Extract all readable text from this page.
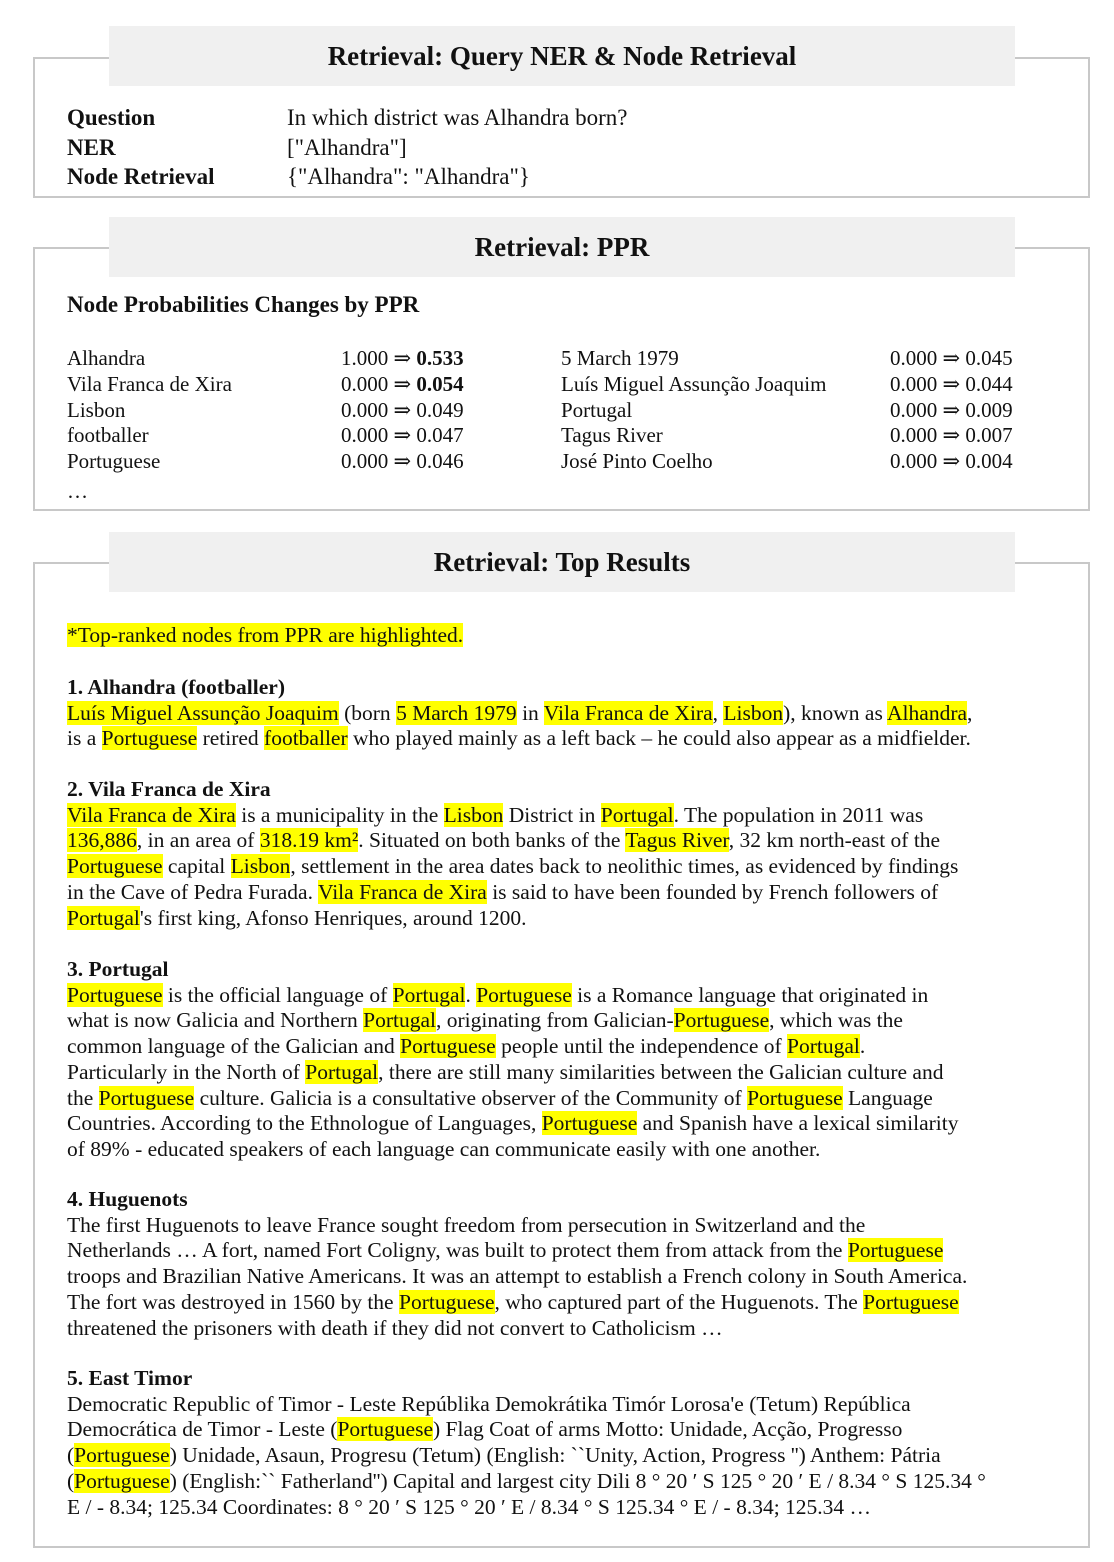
Retrieval: Query NER & Node Retrieval
Question	In which district was Alhandra born?
NER	["Alhandra"]
Node Retrieval	{"Alhandra": "Alhandra"}
Retrieval: PPR
Node Probabilities Changes by PPR
Alhandra	1.000 ⇒ 0.533
Vila Franca de Xira	0.000 ⇒ 0.054
Lisbon	0.000 ⇒ 0.049
footballer	0.000 ⇒ 0.047
Portuguese	0.000 ⇒ 0.046
5 March 1979	0.000 ⇒ 0.045
Luís Miguel Assunção Joaquim	0.000 ⇒ 0.044
Portugal	0.000 ⇒ 0.009
Tagus River	0.000 ⇒ 0.007
José Pinto Coelho	0.000 ⇒ 0.004
…
Retrieval: Top Results
*Top-ranked nodes from PPR are highlighted.
1. Alhandra (footballer)
Luís Miguel Assunção Joaquim (born 5 March 1979 in Vila Franca de Xira, Lisbon), known as Alhandra,
is a Portuguese retired footballer who played mainly as a left back – he could also appear as a midfielder.
2. Vila Franca de Xira
Vila Franca de Xira is a municipality in the Lisbon District in Portugal. The population in 2011 was
136,886, in an area of 318.19 km². Situated on both banks of the Tagus River, 32 km north-east of the
Portuguese capital Lisbon, settlement in the area dates back to neolithic times, as evidenced by findings
in the Cave of Pedra Furada. Vila Franca de Xira is said to have been founded by French followers of
Portugal's first king, Afonso Henriques, around 1200.
3. Portugal
Portuguese is the official language of Portugal. Portuguese is a Romance language that originated in
what is now Galicia and Northern Portugal, originating from Galician-Portuguese, which was the
common language of the Galician and Portuguese people until the independence of Portugal.
Particularly in the North of Portugal, there are still many similarities between the Galician culture and
the Portuguese culture. Galicia is a consultative observer of the Community of Portuguese Language
Countries. According to the Ethnologue of Languages, Portuguese and Spanish have a lexical similarity
of 89% - educated speakers of each language can communicate easily with one another.
4. Huguenots
The first Huguenots to leave France sought freedom from persecution in Switzerland and the
Netherlands … A fort, named Fort Coligny, was built to protect them from attack from the Portuguese
troops and Brazilian Native Americans. It was an attempt to establish a French colony in South America.
The fort was destroyed in 1560 by the Portuguese, who captured part of the Huguenots. The Portuguese
threatened the prisoners with death if they did not convert to Catholicism …
5. East Timor
Democratic Republic of Timor - Leste Repúblika Demokrátika Timór Lorosa'e (Tetum) República
Democrática de Timor - Leste (Portuguese) Flag Coat of arms Motto: Unidade, Acção, Progresso
(Portuguese) Unidade, Asaun, Progresu (Tetum) (English: ``Unity, Action, Progress '') Anthem: Pátria
(Portuguese) (English:`` Fatherland'') Capital and largest city Dili 8 ° 20 ′ S 125 ° 20 ′ E / 8.34 ° S 125.34 °
E / - 8.34; 125.34 Coordinates: 8 ° 20 ′ S 125 ° 20 ′ E / 8.34 ° S 125.34 ° E / - 8.34; 125.34 …
